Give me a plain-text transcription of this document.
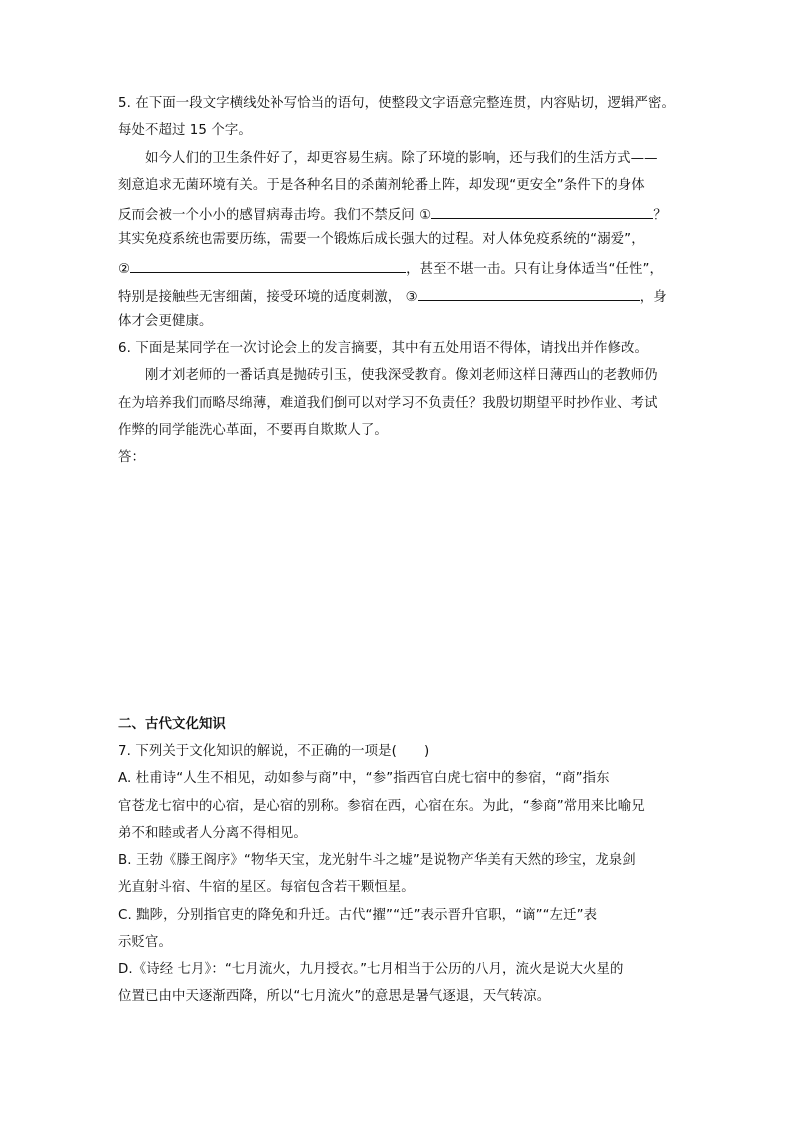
5. 在下面一段文字横线处补写恰当的语句，使整段文字语意完整连贯，内容贴切，逻辑严密。
每处不超过 15 个字。
如今人们的卫生条件好了，却更容易生病。除了环境的影响，还与我们的生活方式——
刻意追求无菌环境有关。于是各种名目的杀菌剂轮番上阵，却发现“更安全”条件下的身体
反而会被一个小小的感冒病毒击垮。我们不禁反问 ①	？
其实免疫系统也需要历练，需要一个锻炼后成长强大的过程。对人体免疫系统的“溺爱”，
②	，甚至不堪一击。只有让身体适当“任性”，
特别是接触些无害细菌，接受环境的适度刺激， ③	，身
体才会更健康。
6. 下面是某同学在一次讨论会上的发言摘要，其中有五处用语不得体，请找出并作修改。
刚才刘老师的一番话真是抛砖引玉，使我深受教育。像刘老师这样日薄西山的老教师仍
在为培养我们而略尽绵薄，难道我们倒可以对学习不负责任？我殷切期望平时抄作业、考试
作弊的同学能洗心革面，不要再自欺欺人了。
答：
二、古代文化知识
7. 下列关于文化知识的解说，不正确的一项是(　　)
A. 杜甫诗“人生不相见，动如参与商”中，“参”指西官白虎七宿中的参宿，“商”指东
官苍龙七宿中的心宿，是心宿的别称。参宿在西，心宿在东。为此，“参商”常用来比喻兄
弟不和睦或者人分离不得相见。
B. 王勃《滕王阁序》“物华天宝，龙光射牛斗之墟”是说物产华美有天然的珍宝，龙泉剑
光直射斗宿、牛宿的星区。每宿包含若干颗恒星。
C. 黜陟，分别指官吏的降免和升迁。古代“擢”“迁”表示晋升官职，“谪”“左迁”表
示贬官。
D.《诗经 七月》：“七月流火，九月授衣。”七月相当于公历的八月，流火是说大火星的
位置已由中天逐渐西降，所以“七月流火”的意思是暑气逐退，天气转凉。
